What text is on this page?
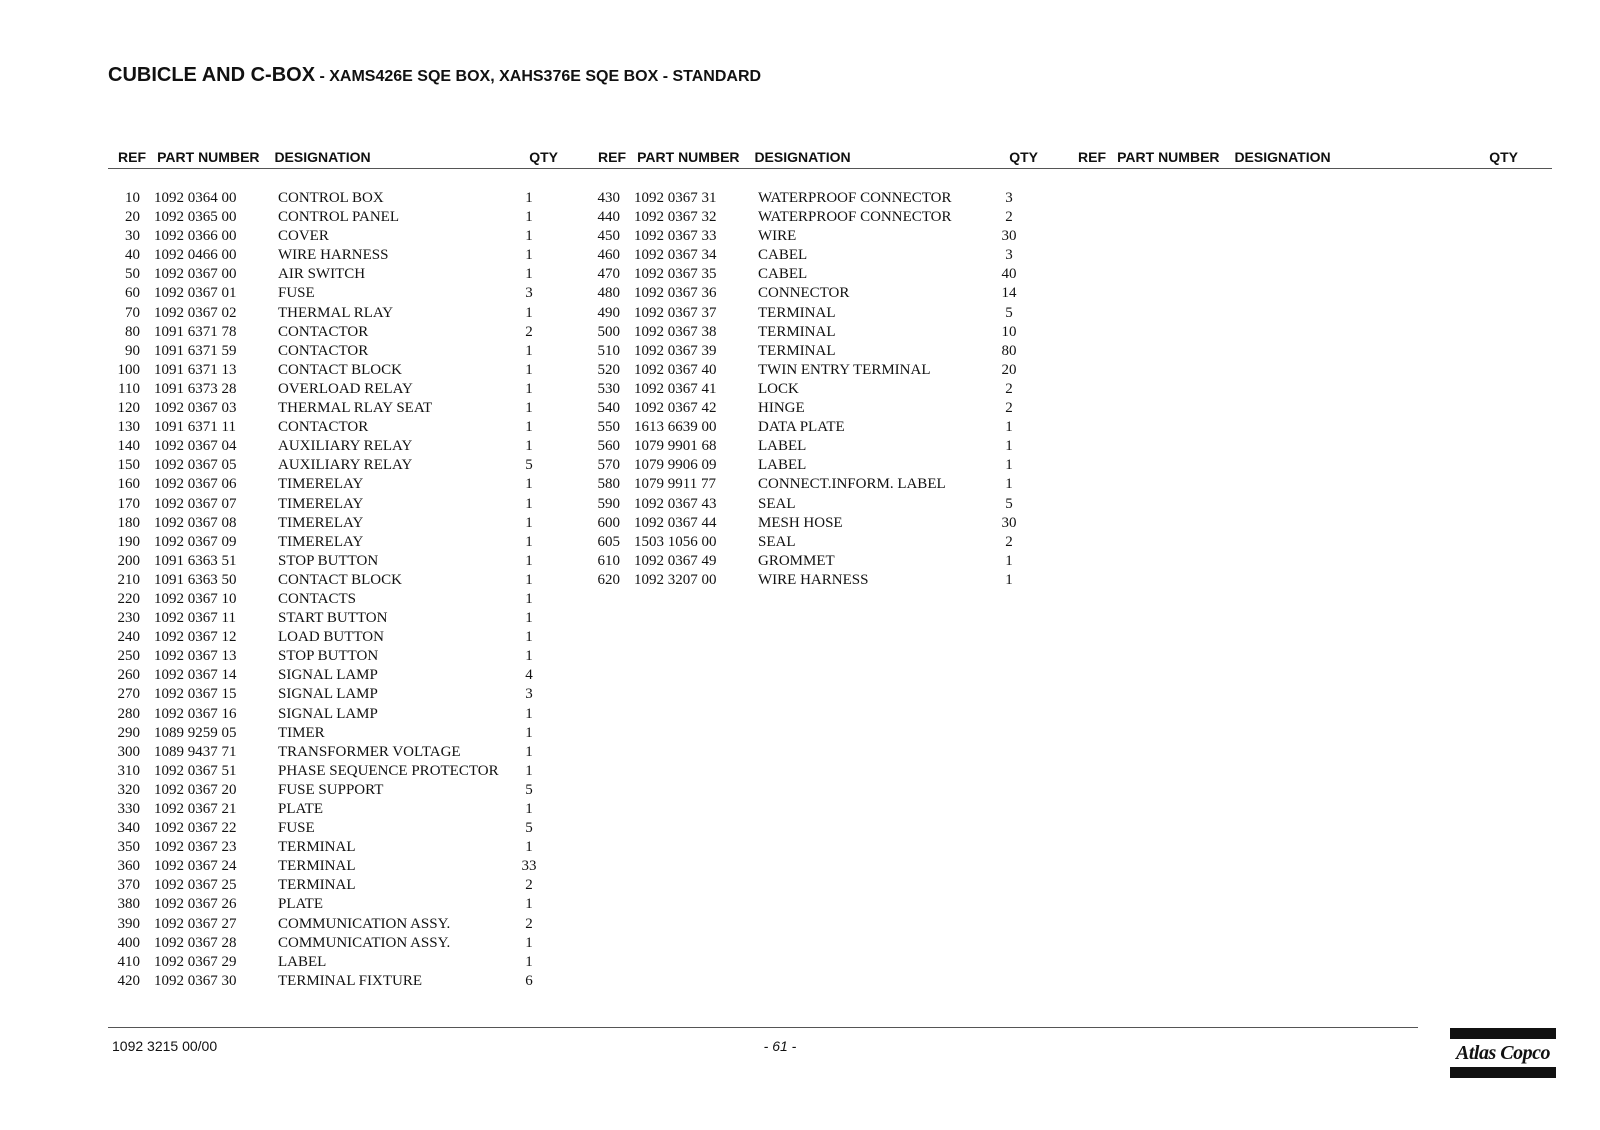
CUBICLE AND C-BOX - XAMS426E SQE BOX, XAHS376E SQE BOX - STANDARD
REF PART NUMBER	DESIGNATION	QTY	REF PART NUMBER	DESIGNATION	QTY	REF PART NUMBER	DESIGNATION	QTY
10 1092 0364 00	CONTROL BOX	1
20 1092 0365 00	CONTROL PANEL	1
30 1092 0366 00	COVER	1
40 1092 0466 00	WIRE HARNESS	1
50 1092 0367 00	AIR SWITCH	1
60 1092 0367 01	FUSE	3
70 1092 0367 02	THERMAL RLAY	1
80 1091 6371 78	CONTACTOR	2
90 1091 6371 59	CONTACTOR	1
100 1091 6371 13	CONTACT BLOCK	1
110 1091 6373 28	OVERLOAD RELAY	1
120 1092 0367 03	THERMAL RLAY SEAT	1
130 1091 6371 11	CONTACTOR	1
140 1092 0367 04	AUXILIARY RELAY	1
150 1092 0367 05	AUXILIARY RELAY	5
160 1092 0367 06	TIMERELAY	1
170 1092 0367 07	TIMERELAY	1
180 1092 0367 08	TIMERELAY	1
190 1092 0367 09	TIMERELAY	1
200 1091 6363 51	STOP BUTTON	1
210 1091 6363 50	CONTACT BLOCK	1
220 1092 0367 10	CONTACTS	1
230 1092 0367 11	START BUTTON	1
240 1092 0367 12	LOAD BUTTON	1
250 1092 0367 13	STOP BUTTON	1
260 1092 0367 14	SIGNAL LAMP	4
270 1092 0367 15	SIGNAL LAMP	3
280 1092 0367 16	SIGNAL LAMP	1
290 1089 9259 05	TIMER	1
300 1089 9437 71	TRANSFORMER VOLTAGE	1
310 1092 0367 51	PHASE SEQUENCE PROTECTOR	1
320 1092 0367 20	FUSE SUPPORT	5
330 1092 0367 21	PLATE	1
340 1092 0367 22	FUSE	5
350 1092 0367 23	TERMINAL	1
360 1092 0367 24	TERMINAL	33
370 1092 0367 25	TERMINAL	2
380 1092 0367 26	PLATE	1
390 1092 0367 27	COMMUNICATION ASSY.	2
400 1092 0367 28	COMMUNICATION ASSY.	1
410 1092 0367 29	LABEL	1
420 1092 0367 30	TERMINAL FIXTURE	6
430 1092 0367 31	WATERPROOF CONNECTOR	3
440 1092 0367 32	WATERPROOF CONNECTOR	2
450 1092 0367 33	WIRE	30
460 1092 0367 34	CABEL	3
470 1092 0367 35	CABEL	40
480 1092 0367 36	CONNECTOR	14
490 1092 0367 37	TERMINAL	5
500 1092 0367 38	TERMINAL	10
510 1092 0367 39	TERMINAL	80
520 1092 0367 40	TWIN ENTRY TERMINAL	20
530 1092 0367 41	LOCK	2
540 1092 0367 42	HINGE	2
550 1613 6639 00	DATA PLATE	1
560 1079 9901 68	LABEL	1
570 1079 9906 09	LABEL	1
580 1079 9911 77	CONNECT.INFORM. LABEL	1
590 1092 0367 43	SEAL	5
600 1092 0367 44	MESH HOSE	30
605 1503 1056 00	SEAL	2
610 1092 0367 49	GROMMET	1
620 1092 3207 00	WIRE HARNESS	1
1092 3215 00/00	- 61 -	Atlas Copco
